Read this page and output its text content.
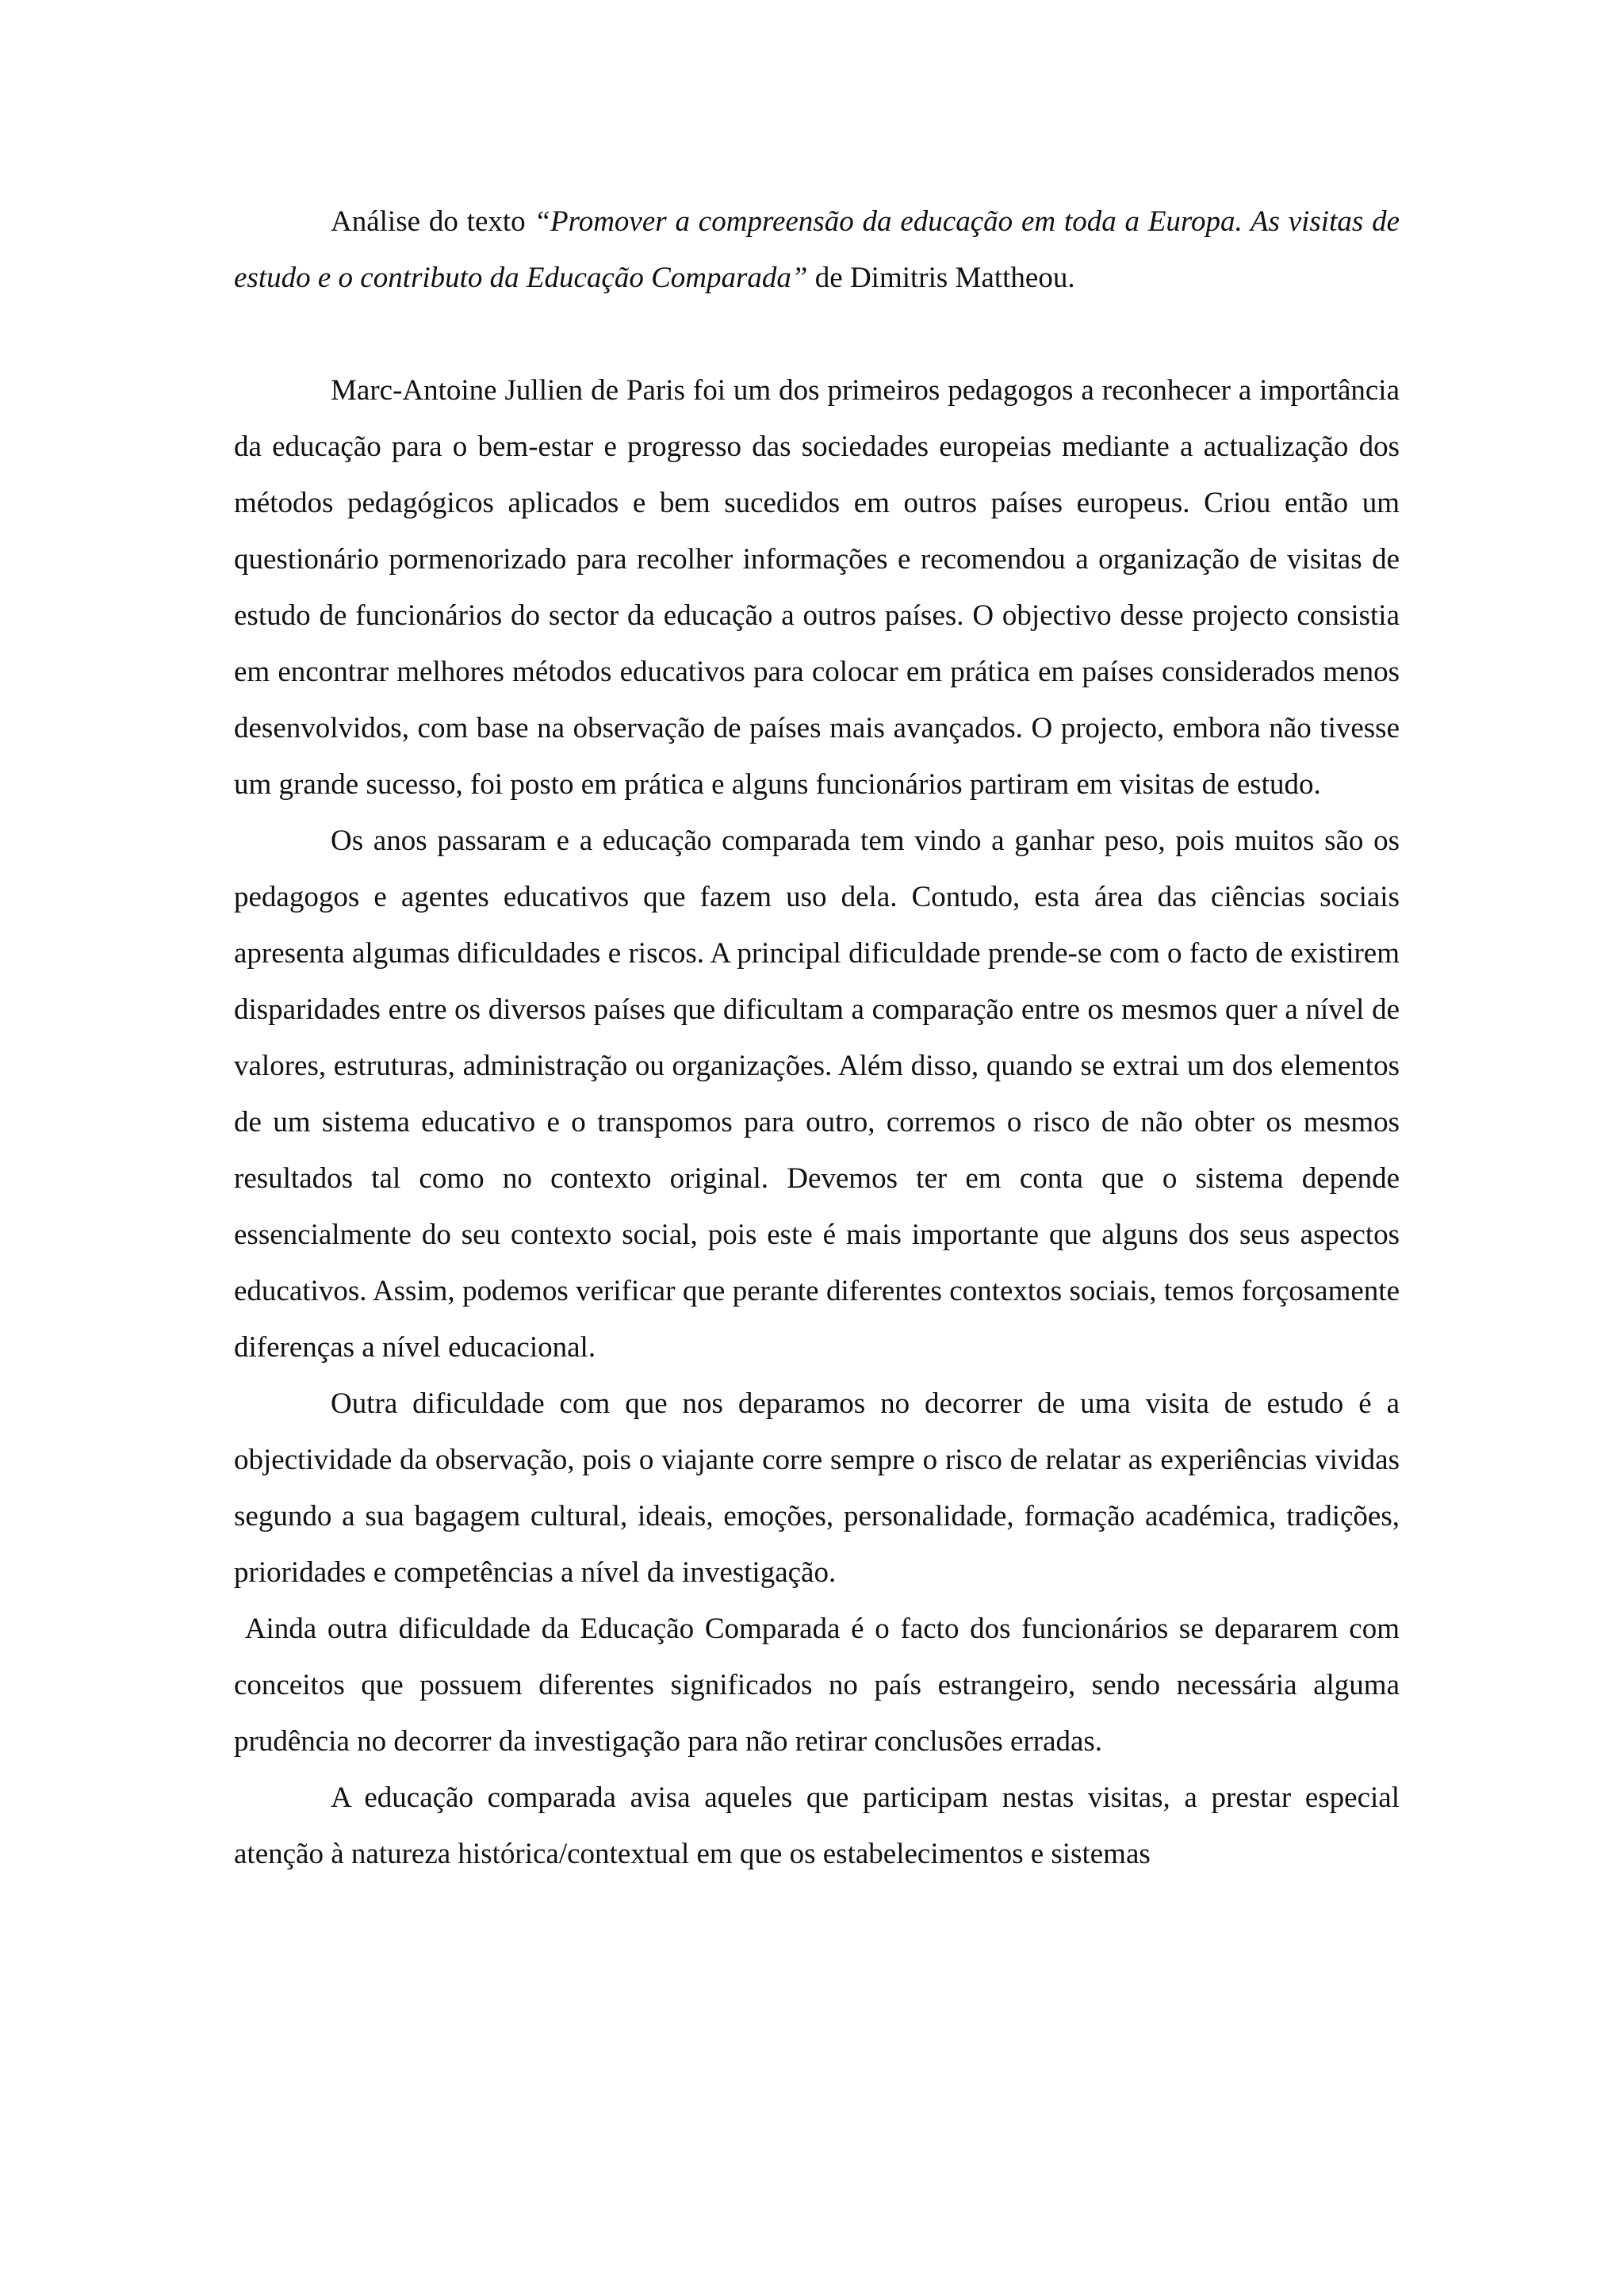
Análise do texto “Promover a compreensão da educação em toda a Europa. As visitas de estudo e o contributo da Educação Comparada” de Dimitris Mattheou.

Marc-Antoine Jullien de Paris foi um dos primeiros pedagogos a reconhecer a importância da educação para o bem-estar e progresso das sociedades europeias mediante a actualização dos métodos pedagógicos aplicados e bem sucedidos em outros países europeus. Criou então um questionário pormenorizado para recolher informações e recomendou a organização de visitas de estudo de funcionários do sector da educação a outros países. O objectivo desse projecto consistia em encontrar melhores métodos educativos para colocar em prática em países considerados menos desenvolvidos, com base na observação de países mais avançados. O projecto, embora não tivesse um grande sucesso, foi posto em prática e alguns funcionários partiram em visitas de estudo.

Os anos passaram e a educação comparada tem vindo a ganhar peso, pois muitos são os pedagogos e agentes educativos que fazem uso dela. Contudo, esta área das ciências sociais apresenta algumas dificuldades e riscos. A principal dificuldade prende-se com o facto de existirem disparidades entre os diversos países que dificultam a comparação entre os mesmos quer a nível de valores, estruturas, administração ou organizações. Além disso, quando se extrai um dos elementos de um sistema educativo e o transpomos para outro, corremos o risco de não obter os mesmos resultados tal como no contexto original. Devemos ter em conta que o sistema depende essencialmente do seu contexto social, pois este é mais importante que alguns dos seus aspectos educativos. Assim, podemos verificar que perante diferentes contextos sociais, temos forçosamente diferenças a nível educacional.

Outra dificuldade com que nos deparamos no decorrer de uma visita de estudo é a objectividade da observação, pois o viajante corre sempre o risco de relatar as experiências vividas segundo a sua bagagem cultural, ideais, emoções, personalidade, formação académica, tradições, prioridades e competências a nível da investigação.

Ainda outra dificuldade da Educação Comparada é o facto dos funcionários se depararem com conceitos que possuem diferentes significados no país estrangeiro, sendo necessária alguma prudência no decorrer da investigação para não retirar conclusões erradas.

A educação comparada avisa aqueles que participam nestas visitas, a prestar especial atenção à natureza histórica/contextual em que os estabelecimentos e sistemas
